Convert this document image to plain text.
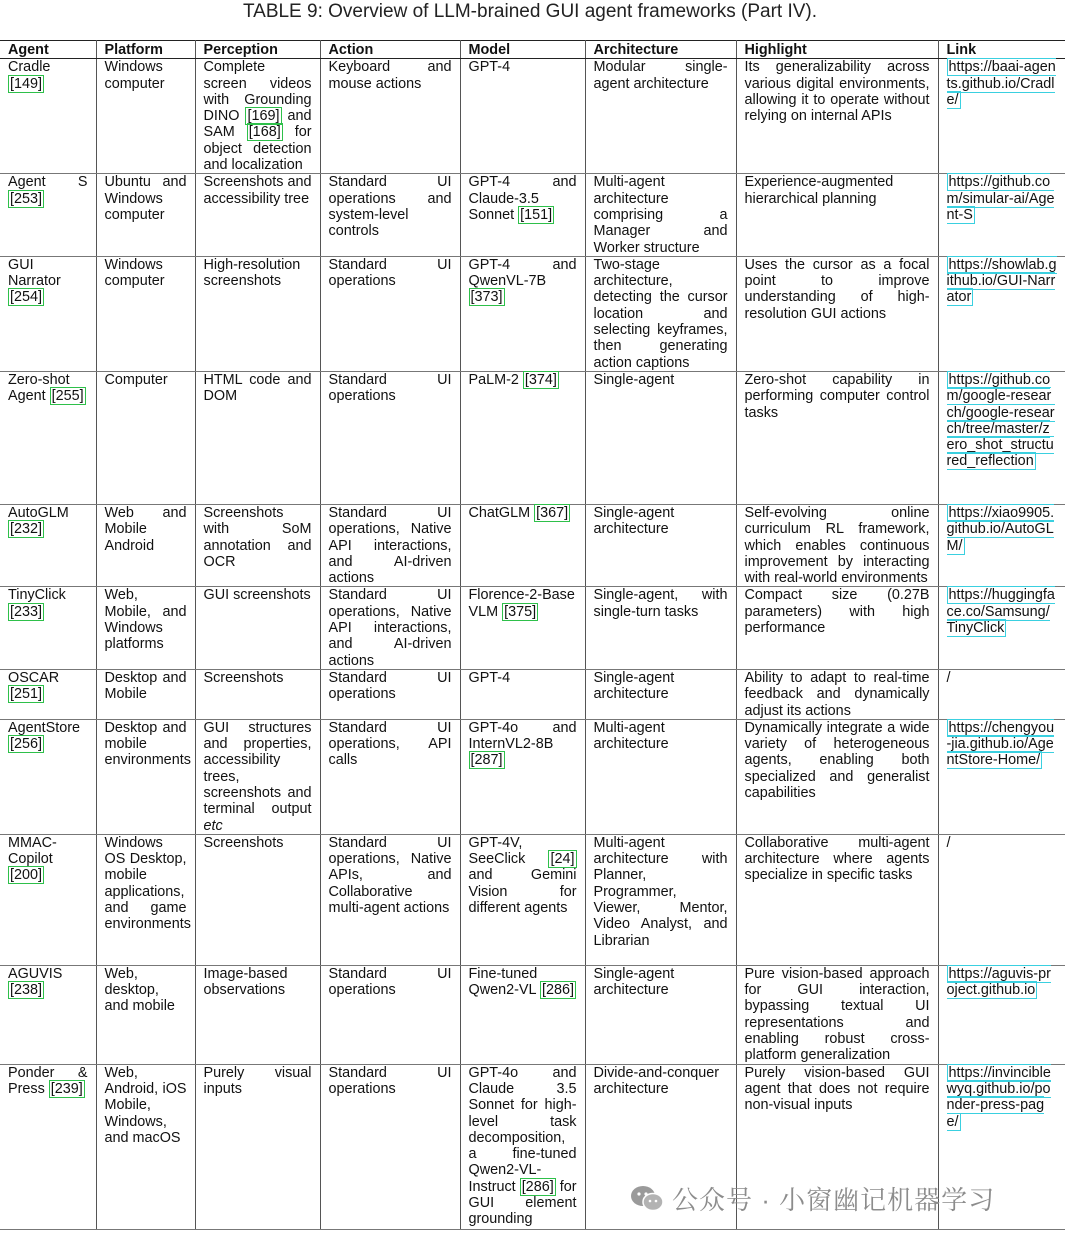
TABLE 9: Overview of LLM-brained GUI agent frameworks (Part IV).
Agent	Platform	Perception	Action	Model	Architecture	Highlight	Link
Cradle [149]	Windows computer	Complete screen videos with Grounding DINO [169] and SAM [168] for object detection and localization	Keyboard and mouse actions	GPT-4	Modular single-agent architecture	Its generalizability across various digital environments, allowing it to operate without relying on internal APIs	https://baai-agents.github.io/Cradle/
Agent S [253]	Ubuntu and Windows computer	Screenshots and accessibility tree	Standard UI operations and system-level controls	GPT-4 and Claude-3.5 Sonnet [151]	Multi-agent architecture comprising a Manager and Worker structure	Experience-augmented hierarchical planning	https://github.com/simular-ai/Agent-S
GUI Narrator [254]	Windows computer	High-resolution screenshots	Standard UI operations	GPT-4 and QwenVL-7B [373]	Two-stage architecture, detecting the cursor location and selecting keyframes, then generating action captions	Uses the cursor as a focal point to improve understanding of high-resolution GUI actions	https://showlab.github.io/GUI-Narrator
Zero-shot Agent [255]	Computer	HTML code and DOM	Standard UI operations	PaLM-2 [374]	Single-agent	Zero-shot capability in performing computer control tasks	https://github.com/google-research/google-research/tree/master/zero_shot_structured_reflection
AutoGLM [232]	Web and Mobile Android	Screenshots with SoM annotation and OCR	Standard UI operations, Native API interactions, and AI-driven actions	ChatGLM [367]	Single-agent architecture	Self-evolving online curriculum RL framework, which enables continuous improvement by interacting with real-world environments	https://xiao9905.github.io/AutoGLM/
TinyClick [233]	Web, Mobile, and Windows platforms	GUI screenshots	Standard UI operations, Native API interactions, and AI-driven actions	Florence-2-Base VLM [375]	Single-agent, with single-turn tasks	Compact size (0.27B parameters) with high performance	https://huggingface.co/Samsung/TinyClick
OSCAR [251]	Desktop and Mobile	Screenshots	Standard UI operations	GPT-4	Single-agent architecture	Ability to adapt to real-time feedback and dynamically adjust its actions	/
AgentStore [256]	Desktop and mobile environments	GUI structures and properties, accessibility trees, screenshots and terminal output etc	Standard UI operations, API calls	GPT-4o and InternVL2-8B [287]	Multi-agent architecture	Dynamically integrate a wide variety of heterogeneous agents, enabling both specialized and generalist capabilities	https://chengyou-jia.github.io/AgentStore-Home/
MMAC-Copilot [200]	Windows OS Desktop, mobile applications, and game environments	Screenshots	Standard UI operations, Native APIs, and Collaborative multi-agent actions	GPT-4V, SeeClick [24] and Gemini Vision for different agents	Multi-agent architecture with Planner, Programmer, Viewer, Mentor, Video Analyst, and Librarian	Collaborative multi-agent architecture where agents specialize in specific tasks	/
AGUVIS [238]	Web, desktop, and mobile	Image-based observations	Standard UI operations	Fine-tuned Qwen2-VL [286]	Single-agent architecture	Pure vision-based approach for GUI interaction, bypassing textual UI representations and enabling robust cross-platform generalization	https://aguvis-project.github.io
Ponder & Press [239]	Web, Android, iOS Mobile, Windows, and macOS	Purely visual inputs	Standard UI operations	GPT-4o and Claude 3.5 Sonnet for high-level task decomposition, a fine-tuned Qwen2-VL-Instruct [286] for GUI element grounding	Divide-and-conquer architecture	Purely vision-based GUI agent that does not require non-visual inputs	https://invinciblewyq.github.io/ponder-press-page/
公众号 · 小窗幽记机器学习
